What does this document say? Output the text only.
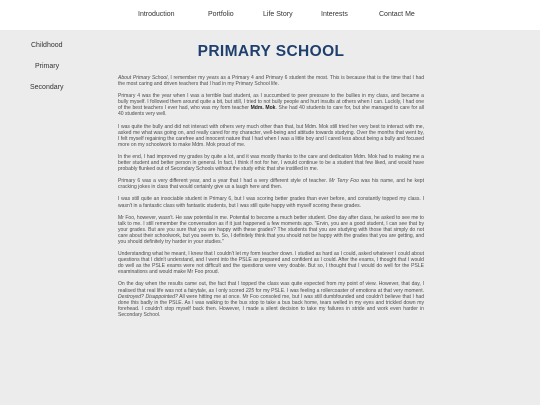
Introduction	Portfolio	Life Story	Interests	Contact Me
Childhood
Primary
Secondary
PRIMARY SCHOOL

About Primary School, I remember my years as a Primary 4 and Primary 6 student the most. This is because that is the time that I had the most caring and driven teachers that I had in my Primary School life.

Primary 4 was the year when I was a terrible bad student, as I succumbed to peer pressure to the bullies in my class, and became a bully myself. I followed them around quite a bit, but still, I tried to not bully people and hurt insults at others when I can. Luckily, I had one of the best teachers I ever had, who was my form teacher Mdm. Mok. She had 40 students to care for, but she managed to care for all 40 students very well.

I was quite the bully and did not interact with others very much other than that, but Mdm. Mok still tried her very best to interact with me, asked me what was going on, and really cared for my character, well-being and attitude towards studying. Over the months that went by, I felt myself regaining the carefree and innocent nature that I had when I was a little boy and I cared less about being a bully and focused more on my schoolwork to make Mdm. Mok proud of me.

In the end, I had improved my grades by quite a lot, and it was mostly thanks to the care and dedication Mdm. Mok had to making me a better student and better person in general. In fact, I think if not for her, I would continue to be a student that few liked, and would have probably flunked out of Secondary Schools without the study ethic that she instilled in me.

Primary 6 was a very different year, and a year that I had a very different style of teacher. Mr Terry Foo was his name, and he kept cracking jokes in class that would certainly give us a laugh here and then.

I was still quite an insociable student in Primary 6, but I was scoring better grades than ever before, and constantly topped my class. I wasn't in a fantastic class with fantastic students, but I was still quite happy with myself scoring these grades.

Mr Foo, however, wasn't. He saw potential in me. Potential to become a much better student. One day after class, he asked to see me to talk to me. I still remember the conversation as if it just happened a few moments ago. "Ervin, you are a good student, I can see that by your grades. But are you sure that you are happy with these grades? The students that you are studying with those that simply do not care about their schoolwork, but you seem to. So, I definitely think that you should not be happy with the grades that you are getting, and you should definitely try harder in your studies."

Understanding what he meant, I knew that I couldn't let my form teacher down. I studied as hard as I could, asked whatever I could about questions that I didn't understand, and I went into the PSLE as prepared and confident as I could. After the exams, I thought that I would do well as the PSLE exams were not difficult and the questions were very doable. But so, I thought that I would do well for the PSLE examinations and would make Mr Foo proud.

On the day when the results came out, the fact that I topped the class was quite expected from my point of view. However, that day, I realised that real life was not a fairytale, as I only scored 225 for my PSLE. I was feeling a rollercoaster of emotions at that very moment. Destroyed? Disappointed? All were hitting me at once. Mr Foo consoled me, but I was still dumbfounded and couldn't believe that I had done this badly in the PSLE. As I was walking to the bus stop to take a bus back home, tears welled in my eyes and trickled down my forehead. I couldn't stop myself back then. However, I made a silent decision to take my failures in stride and work even harder in Secondary School.
